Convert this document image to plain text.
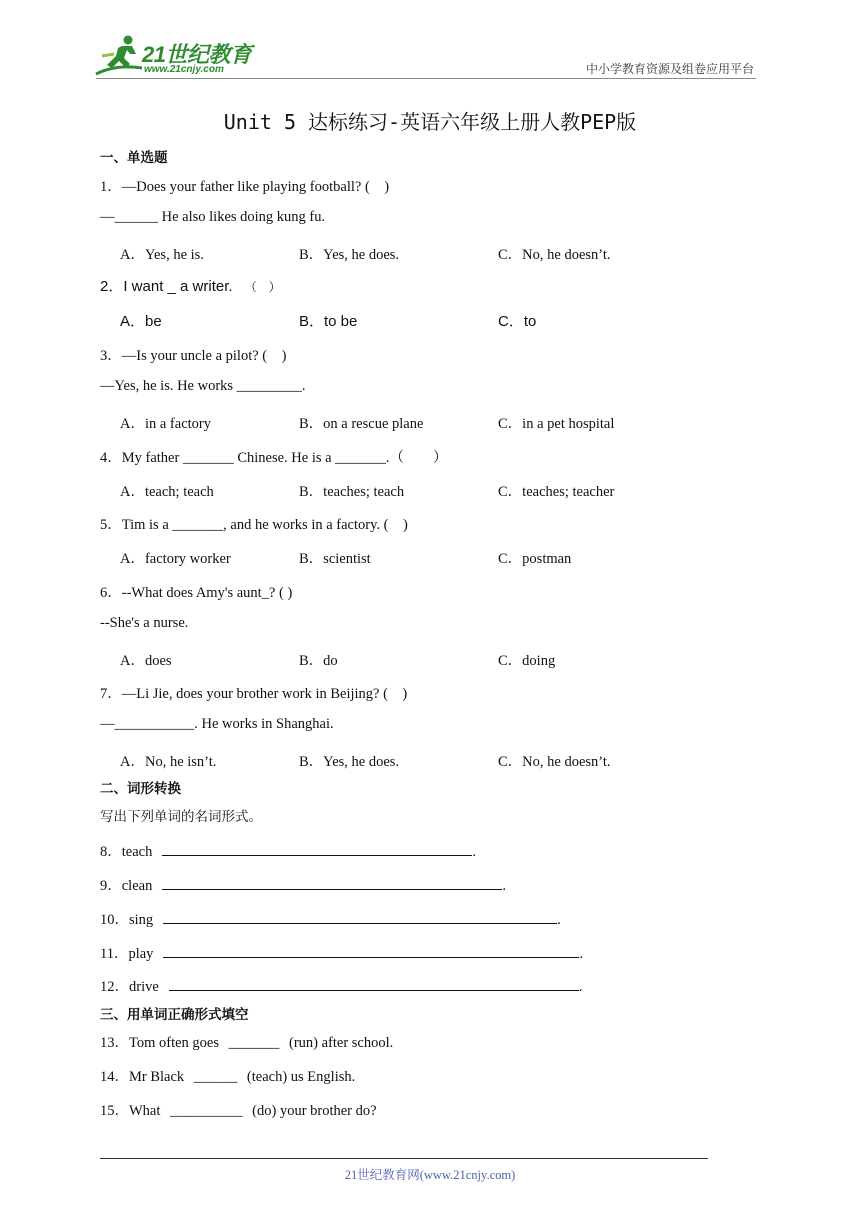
21世纪教育
www.21cnjy.com	中小学教育资源及组卷应用平台
Unit 5 达标练习-英语六年级上册人教PEP版
一、单选题
1．—Does your father like playing football? (　)
—______ He also likes doing kung fu.
A．Yes, he is.	B．Yes, he does.	C．No, he doesn’t.
2．I want _ a writer. （　）
A．be	B．to be	C．to
3．—Is your uncle a pilot? (　)
—Yes, he is. He works _________.
A．in a factory	B．on a rescue plane	C．in a pet hospital
4．My father _______ Chinese. He is a _______.（　　）
A．teach; teach	B．teaches; teach	C．teaches; teacher
5．Tim is a _______, and he works in a factory. (　)
A．factory worker	B．scientist	C．postman
6．--What does Amy's aunt_? ( )
--She's a nurse.
A．does	B．do	C．doing
7．—Li Jie, does your brother work in Beijing? (　)
—___________. He works in Shanghai.
A．No, he isn’t.	B．Yes, he does.	C．No, he doesn’t.
二、词形转换
写出下列单词的名词形式。
8．teach	.
9．clean	.
10．sing	.
11．play	.
12．drive	.
三、用单词正确形式填空
13．Tom often goes _______ (run) after school.
14．Mr Black ______ (teach) us English.
15．What __________ (do) your brother do?
21世纪教育网(www.21cnjy.com)
